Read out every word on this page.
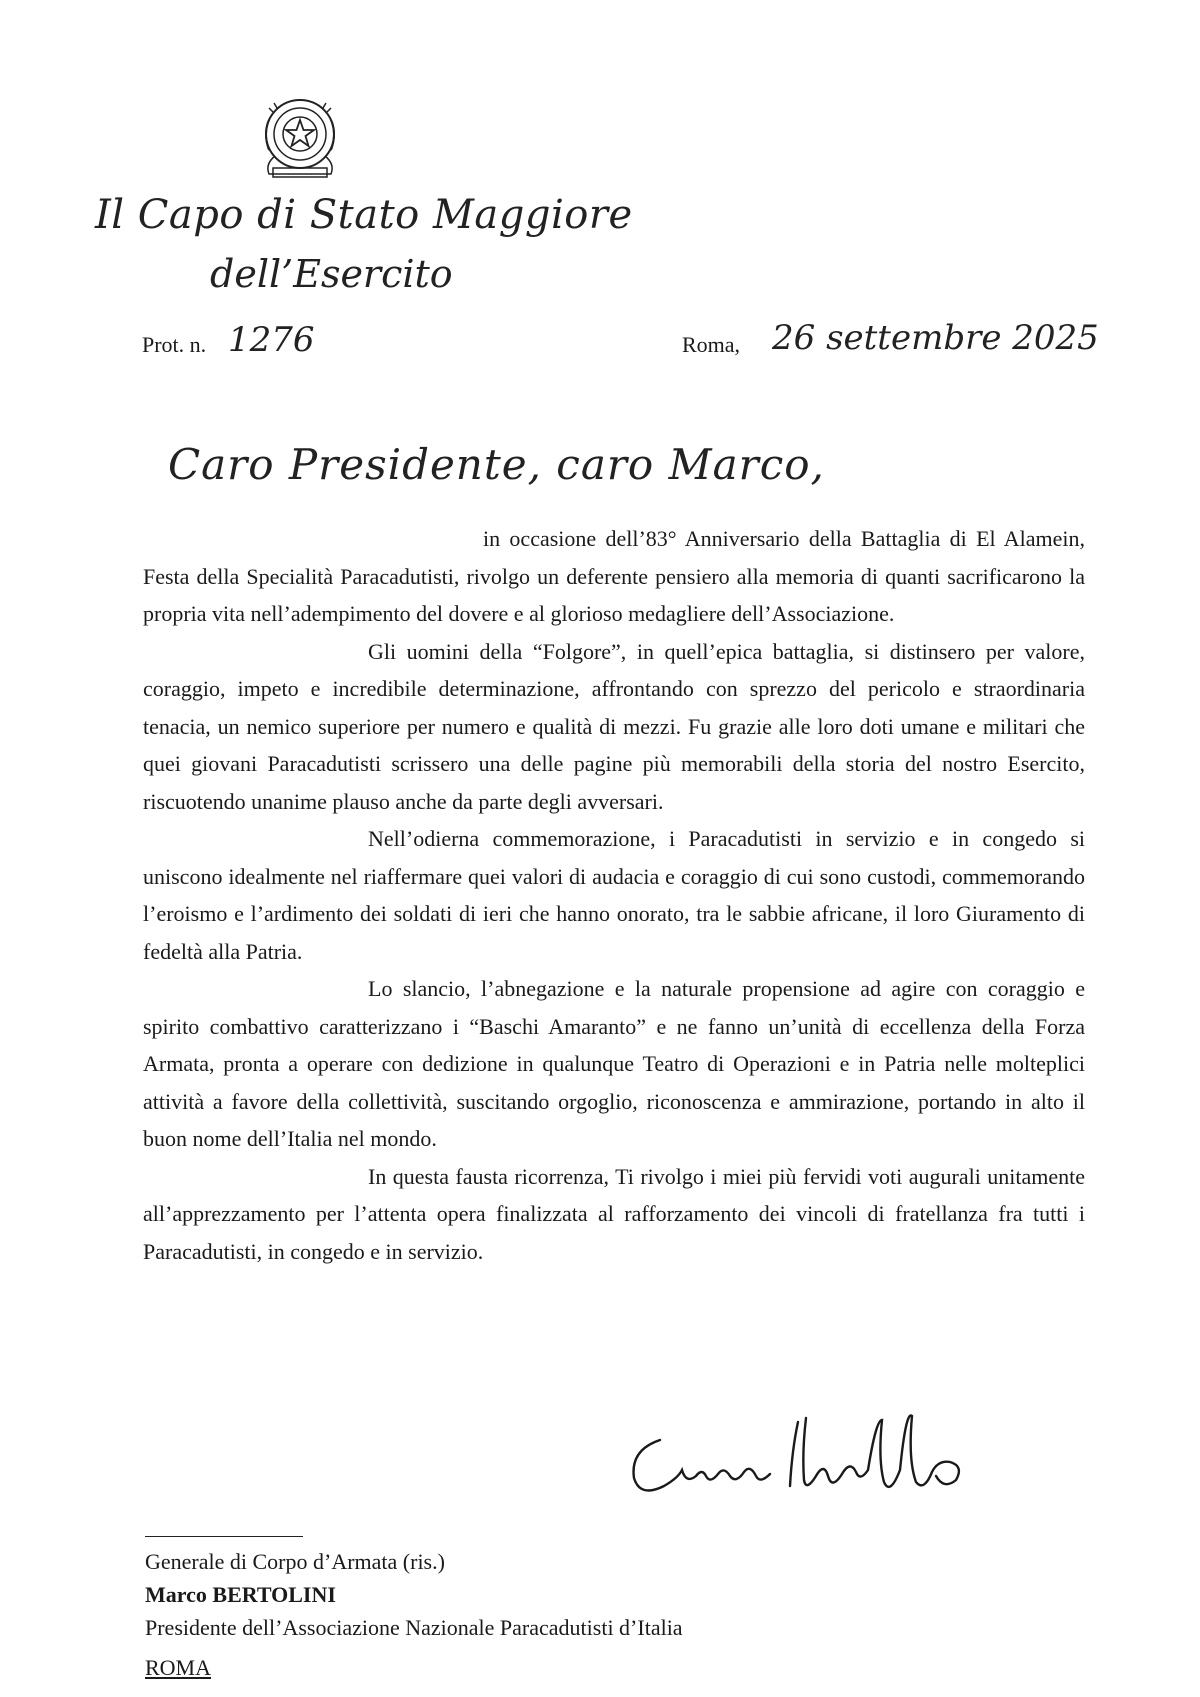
Il Capo di Stato Maggiore
dell’Esercito
Prot. n. 1276	Roma, 26 settembre 2025
Caro Presidente, caro Marco,

in occasione dell’83° Anniversario della Battaglia di El Alamein, Festa della Specialità Paracadutisti, rivolgo un deferente pensiero alla memoria di quanti sacrificarono la propria vita nell’adempimento del dovere e al glorioso medagliere dell’Associazione.

Gli uomini della “Folgore”, in quell’epica battaglia, si distinsero per valore, coraggio, impeto e incredibile determinazione, affrontando con sprezzo del pericolo e straordinaria tenacia, un nemico superiore per numero e qualità di mezzi. Fu grazie alle loro doti umane e militari che quei giovani Paracadutisti scrissero una delle pagine più memorabili della storia del nostro Esercito, riscuotendo unanime plauso anche da parte degli avversari.

Nell’odierna commemorazione, i Paracadutisti in servizio e in congedo si uniscono idealmente nel riaffermare quei valori di audacia e coraggio di cui sono custodi, commemorando l’eroismo e l’ardimento dei soldati di ieri che hanno onorato, tra le sabbie africane, il loro Giuramento di fedeltà alla Patria.

Lo slancio, l’abnegazione e la naturale propensione ad agire con coraggio e spirito combattivo caratterizzano i “Baschi Amaranto” e ne fanno un’unità di eccellenza della Forza Armata, pronta a operare con dedizione in qualunque Teatro di Operazioni e in Patria nelle molteplici attività a favore della collettività, suscitando orgoglio, riconoscenza e ammirazione, portando in alto il buon nome dell’Italia nel mondo.

In questa fausta ricorrenza, Ti rivolgo i miei più fervidi voti augurali unitamente all’apprezzamento per l’attenta opera finalizzata al rafforzamento dei vincoli di fratellanza fra tutti i Paracadutisti, in congedo e in servizio.

Generale di Corpo d’Armata (ris.)
Marco BERTOLINI
Presidente dell’Associazione Nazionale Paracadutisti d’Italia
ROMA
